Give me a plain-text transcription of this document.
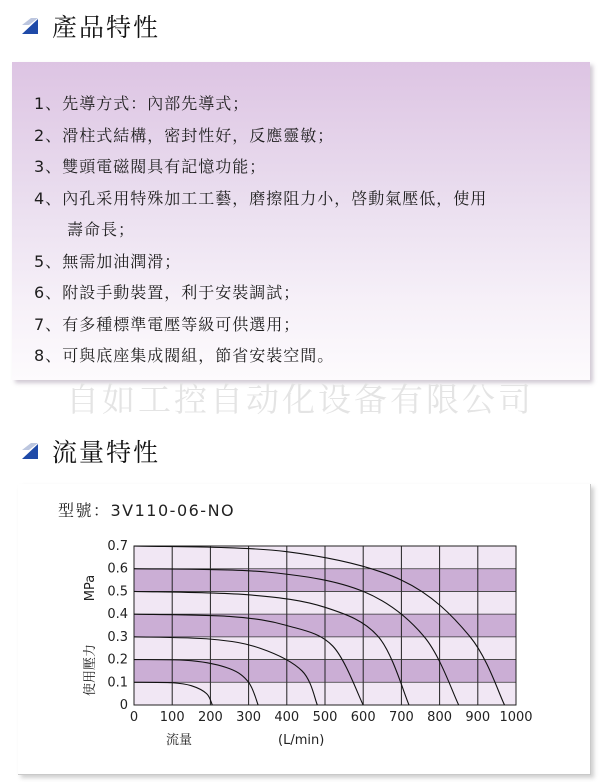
產品特性
1、先導方式：內部先導式；
2、滑柱式結構，密封性好，反應靈敏；
3、雙頭電磁閥具有記憶功能；
4、內孔采用特殊加工工藝，磨擦阻力小，啓動氣壓低，使用
壽命長；
5、無需加油潤滑；
6、附設手動裝置，利于安裝調試；
7、有多種標準電壓等級可供選用；
8、可與底座集成閥組，節省安裝空間。
自如工控自动化设备有限公司
流量特性
型號：3V110-06-NO
0
0.1
0.2
0.3
0.4
0.5
0.6
0.7
0 100 200 300 400 500 600 700 800 900 1000
MPa
使用壓力
流量	(L/min)
